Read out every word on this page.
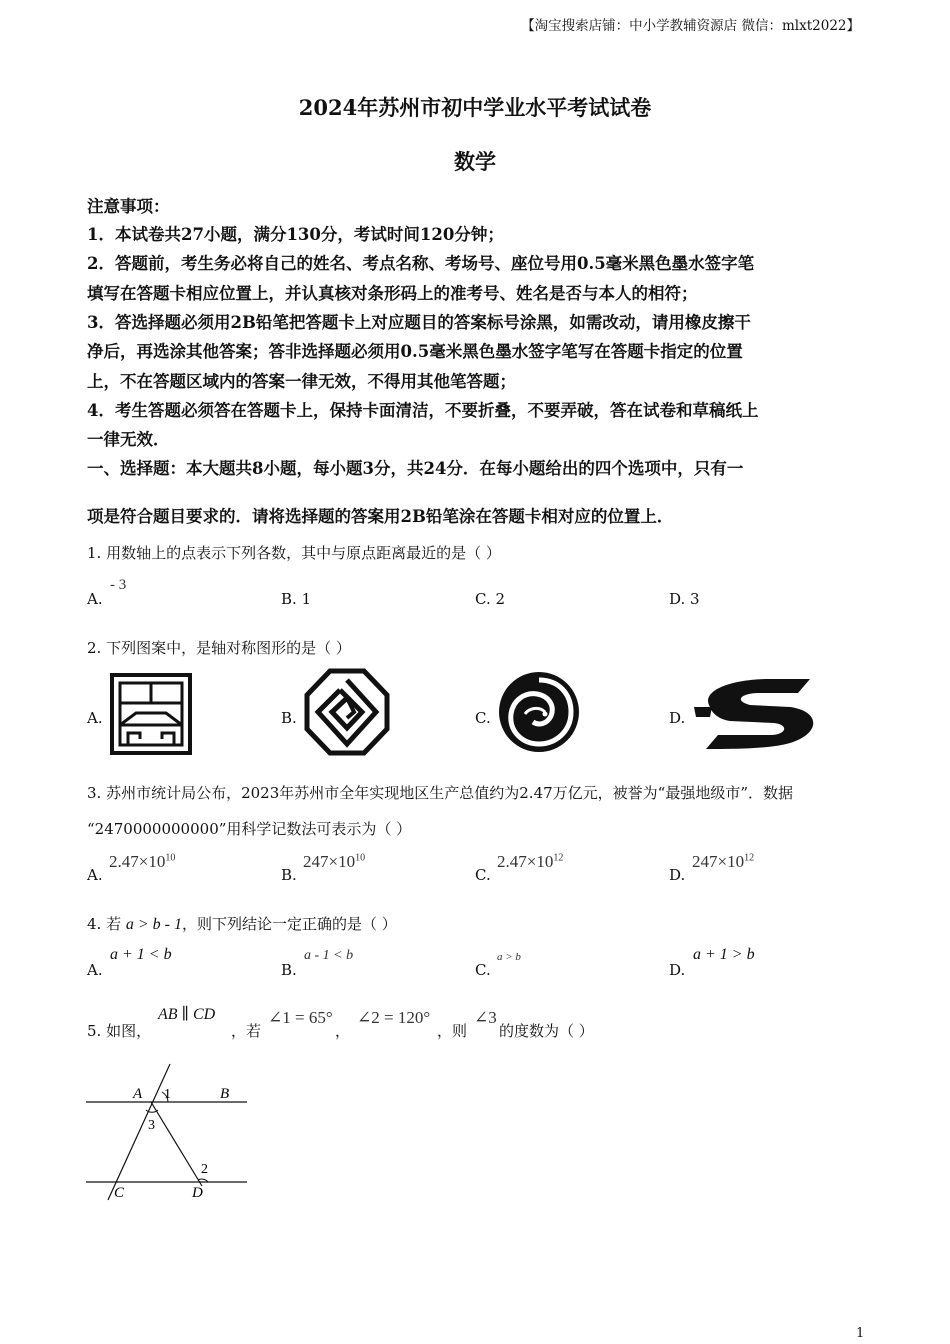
【淘宝搜索店铺：中小学教辅资源店 微信：mlxt2022】
2024年苏州市初中学业水平考试试卷
数学
注意事项：
1．本试卷共27小题，满分130分，考试时间120分钟；
2．答题前，考生务必将自己的姓名、考点名称、考场号、座位号用0.5毫米黑色墨水签字笔
填写在答题卡相应位置上，并认真核对条形码上的准考号、姓名是否与本人的相符；
3．答选择题必须用2B铅笔把答题卡上对应题目的答案标号涂黑，如需改动，请用橡皮擦干
净后，再选涂其他答案；答非选择题必须用0.5毫米黑色墨水签字笔写在答题卡指定的位置
上，不在答题区域内的答案一律无效，不得用其他笔答题；
4．考生答题必须答在答题卡上，保持卡面清洁，不要折叠，不要弄破，答在试卷和草稿纸上
一律无效．
一、选择题：本大题共8小题，每小题3分，共24分．在每小题给出的四个选项中，只有一
项是符合题目要求的．请将选择题的答案用2B铅笔涂在答题卡相对应的位置上．
1. 用数轴上的点表示下列各数，其中与原点距离最近的是（ ）
A.
- 3
B. 1	C. 2	D. 3
2. 下列图案中，是轴对称图形的是（ ）
A.	B.	C.	D.
3. 苏州市统计局公布，2023年苏州市全年实现地区生产总值约为2.47万亿元，被誉为“最强地级市”．数据
“2470000000000”用科学记数法可表示为（ ）
A.
$2.47\times 10^{10}$
B.
$247\times 10^{10}$
C.
$2.47\times 10^{12}$
D.
$247\times 10^{12}$
4. 若 a > b - 1，则下列结论一定正确的是（ ）
A.
a + 1 < b
B.
a - 1 < b
C.
a > b
D.
a + 1 > b
5. 如图，
AB ∥ CD
，若
∠1 = 65°
，
∠2 = 120°
，则
∠3
的度数为（ ）
A 1	B
3
2
C	D
1
